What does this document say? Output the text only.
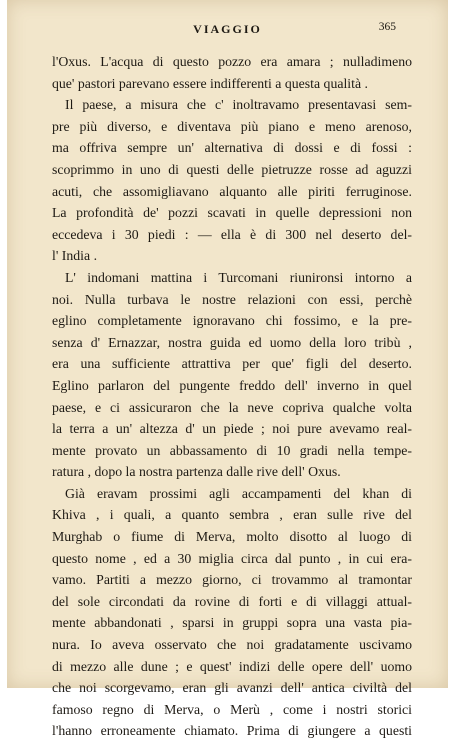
VIAGGIO	365
l'Oxus. L'acqua di questo pozzo era amara ; nulladimeno
que' pastori parevano essere indifferenti a questa qualità .
Il paese, a misura che c' inoltravamo presentavasi sem-
pre più diverso, e diventava più piano e meno arenoso,
ma offriva sempre un' alternativa di dossi e di fossi :
scoprimmo in uno di questi delle pietruzze rosse ad aguzzi
acuti, che assomigliavano alquanto alle piriti ferruginose.
La profondità de' pozzi scavati in quelle depressioni non
eccedeva i 30 piedi : — ella è di 300 nel deserto del-
l' India .
L' indomani mattina i Turcomani riunironsi intorno a
noi. Nulla turbava le nostre relazioni con essi, perchè
eglino completamente ignoravano chi fossimo, e la pre-
senza d' Ernazzar, nostra guida ed uomo della loro tribù ,
era una sufficiente attrattiva per que' figli del deserto.
Eglino parlaron del pungente freddo dell' inverno in quel
paese, e ci assicuraron che la neve copriva qualche volta
la terra a un' altezza d' un piede ; noi pure avevamo real-
mente provato un abbassamento di 10 gradi nella tempe-
ratura , dopo la nostra partenza dalle rive dell' Oxus.
Già eravam prossimi agli accampamenti del khan di
Khiva , i quali, a quanto sembra , eran sulle rive del
Murghab o fiume di Merva, molto disotto al luogo di
questo nome , ed a 30 miglia circa dal punto , in cui era-
vamo. Partiti a mezzo giorno, ci trovammo al tramontar
del sole circondati da rovine di forti e di villaggi attual-
mente abbandonati , sparsi in gruppi sopra una vasta pia-
nura. Io aveva osservato che noi gradatamente uscivamo
di mezzo alle dune ; e quest' indizi delle opere dell' uomo
che noi scorgevamo, eran gli avanzi dell' antica civiltà del
famoso regno di Merva, o Merù , come i nostri storici
l'hanno erroneamente chiamato. Prima di giungere a questi
